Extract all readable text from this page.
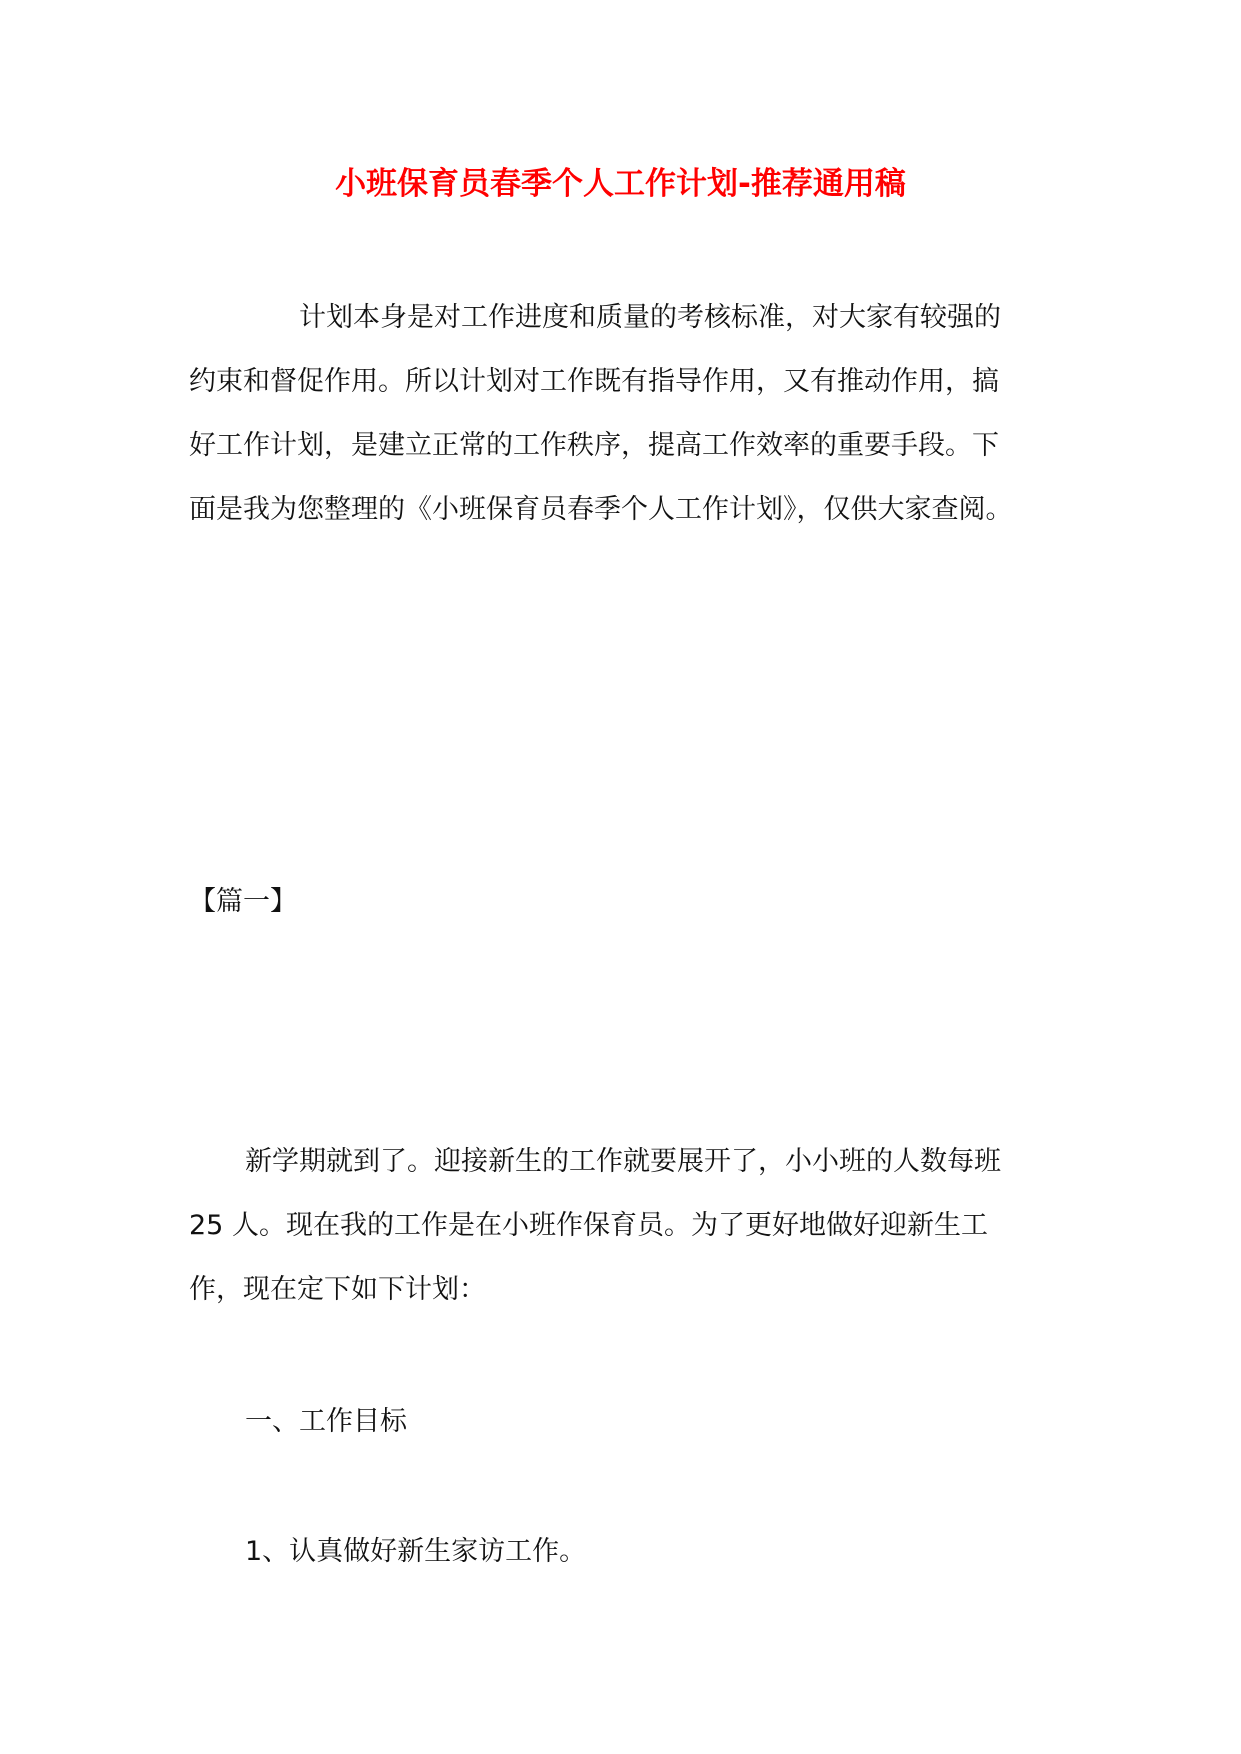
小班保育员春季个人工作计划-推荐通用稿
计划本身是对工作进度和质量的考核标准，对大家有较强的
约束和督促作用。所以计划对工作既有指导作用，又有推动作用，搞
好工作计划，是建立正常的工作秩序，提高工作效率的重要手段。下
面是我为您整理的《小班保育员春季个人工作计划》，仅供大家查阅。

【篇一】

新学期就到了。迎接新生的工作就要展开了，小小班的人数每班
25 人。现在我的工作是在小班作保育员。为了更好地做好迎新生工
作，现在定下如下计划：

一、工作目标

1、认真做好新生家访工作。
